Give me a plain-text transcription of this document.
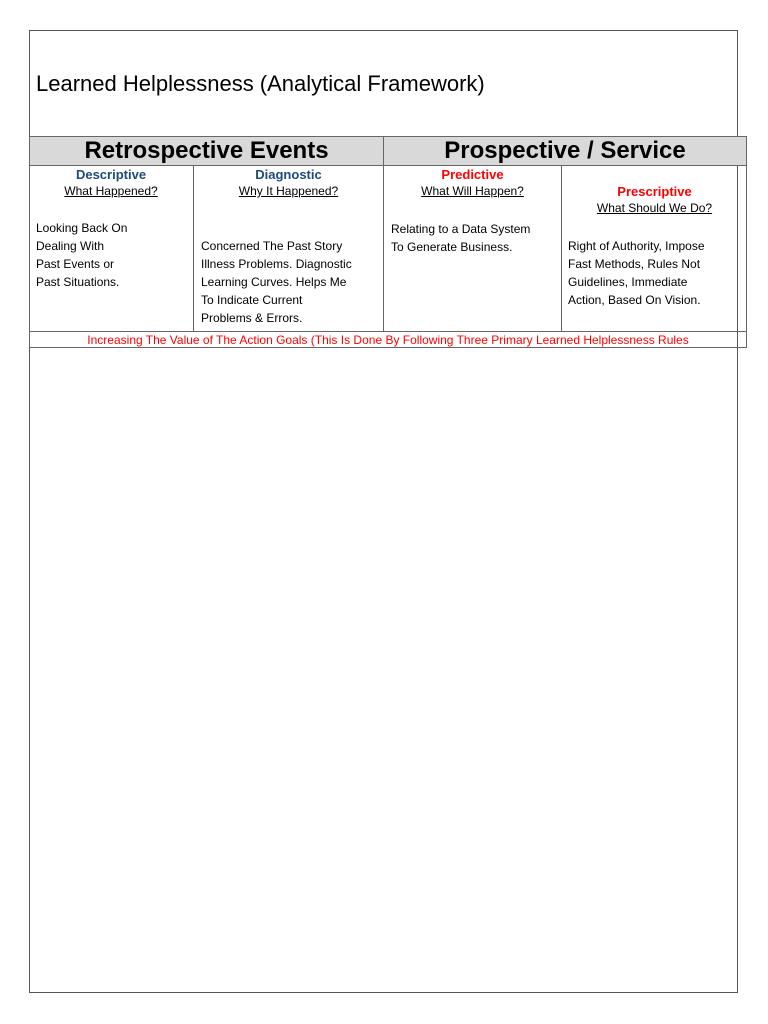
Learned Helplessness (Analytical Framework)
Retrospective Events	Prospective / Service
Descriptive
What Happened?
Looking Back On
Dealing With
Past Events or
Past Situations.
Diagnostic
Why It Happened?
Concerned The Past Story
Illness Problems. Diagnostic
Learning Curves. Helps Me
To Indicate Current
Problems & Errors.
Predictive
What Will Happen?
Relating to a Data System
To Generate Business.
Prescriptive
What Should We Do?
Right of Authority, Impose
Fast Methods, Rules Not
Guidelines, Immediate
Action, Based On Vision.
Increasing The Value of The Action Goals (This Is Done By Following Three Primary Learned Helplessness Rules
